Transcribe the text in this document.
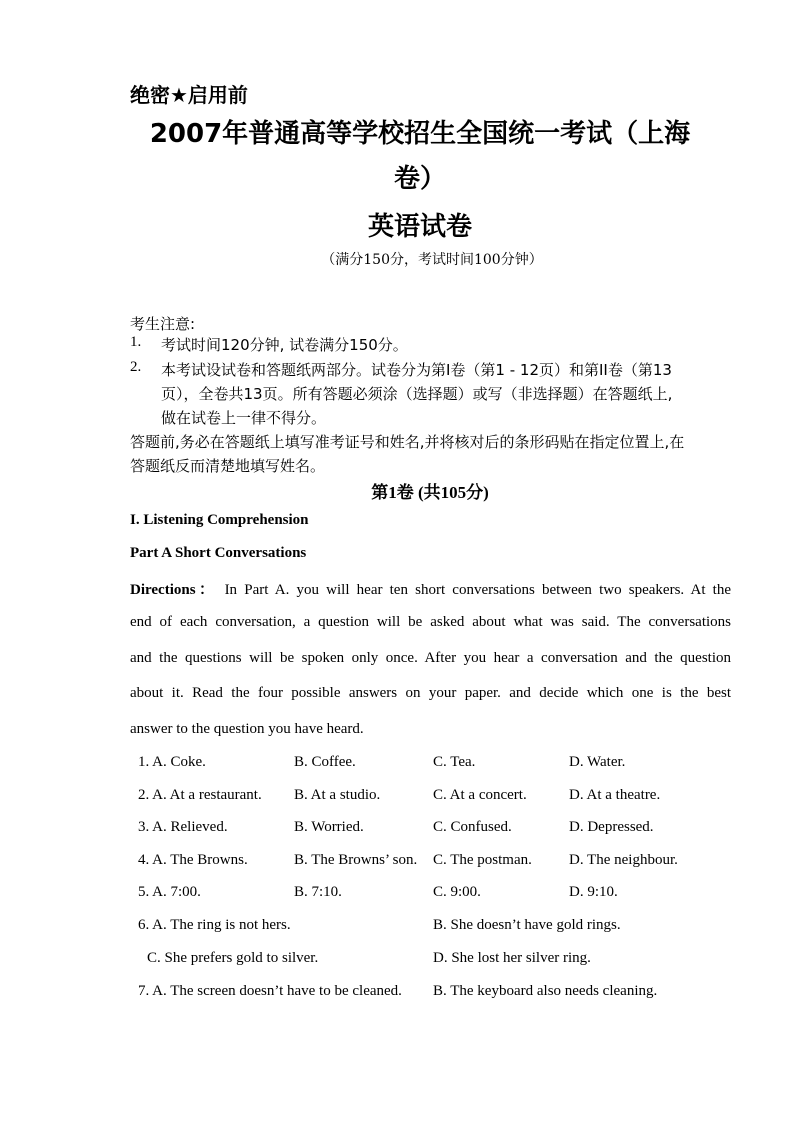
绝密★启用前
2007年普通高等学校招生全国统一考试（上海
卷）
英语试卷
（满分150分，考试时间100分钟）
考生注意:
1. 考试时间120分钟, 试卷满分150分。
2. 本考试设试卷和答题纸两部分。试卷分为第I卷（第1 - 12页）和第II卷（第13
页），全卷共13页。所有答题必须涂（选择题）或写（非选择题）在答题纸上,
做在试卷上一律不得分。
答题前,务必在答题纸上填写准考证号和姓名,并将核对后的条形码贴在指定位置上,在
答题纸反而清楚地填写姓名。
第1卷 (共105分)
I. Listening Comprehension
Part A Short Conversations
Directions： In Part A. you will hear ten short conversations between two speakers. At the
end of each conversation, a question will be asked about what was said. The conversations
and the questions will be spoken only once. After you hear a conversation and the question
about it. Read the four possible answers on your paper. and decide which one is the best
answer to the question you have heard.
1. A. Coke.	B. Coffee.	C. Tea.	D. Water.
2. A. At a restaurant. B. At a studio.	C. At a concert.	D. At a theatre.
3. A. Relieved.	B. Worried.	C. Confused.	D. Depressed.
4. A. The Browns.	B. The Browns’ son. C. The postman. D. The neighbour.
5. A. 7:00.	B. 7:10.	C. 9:00.	D. 9:10.
6. A. The ring is not hers.	B. She doesn’t have gold rings.
C. She prefers gold to silver.	D. She lost her silver ring.
7. A. The screen doesn’t have to be cleaned. B. The keyboard also needs cleaning.
